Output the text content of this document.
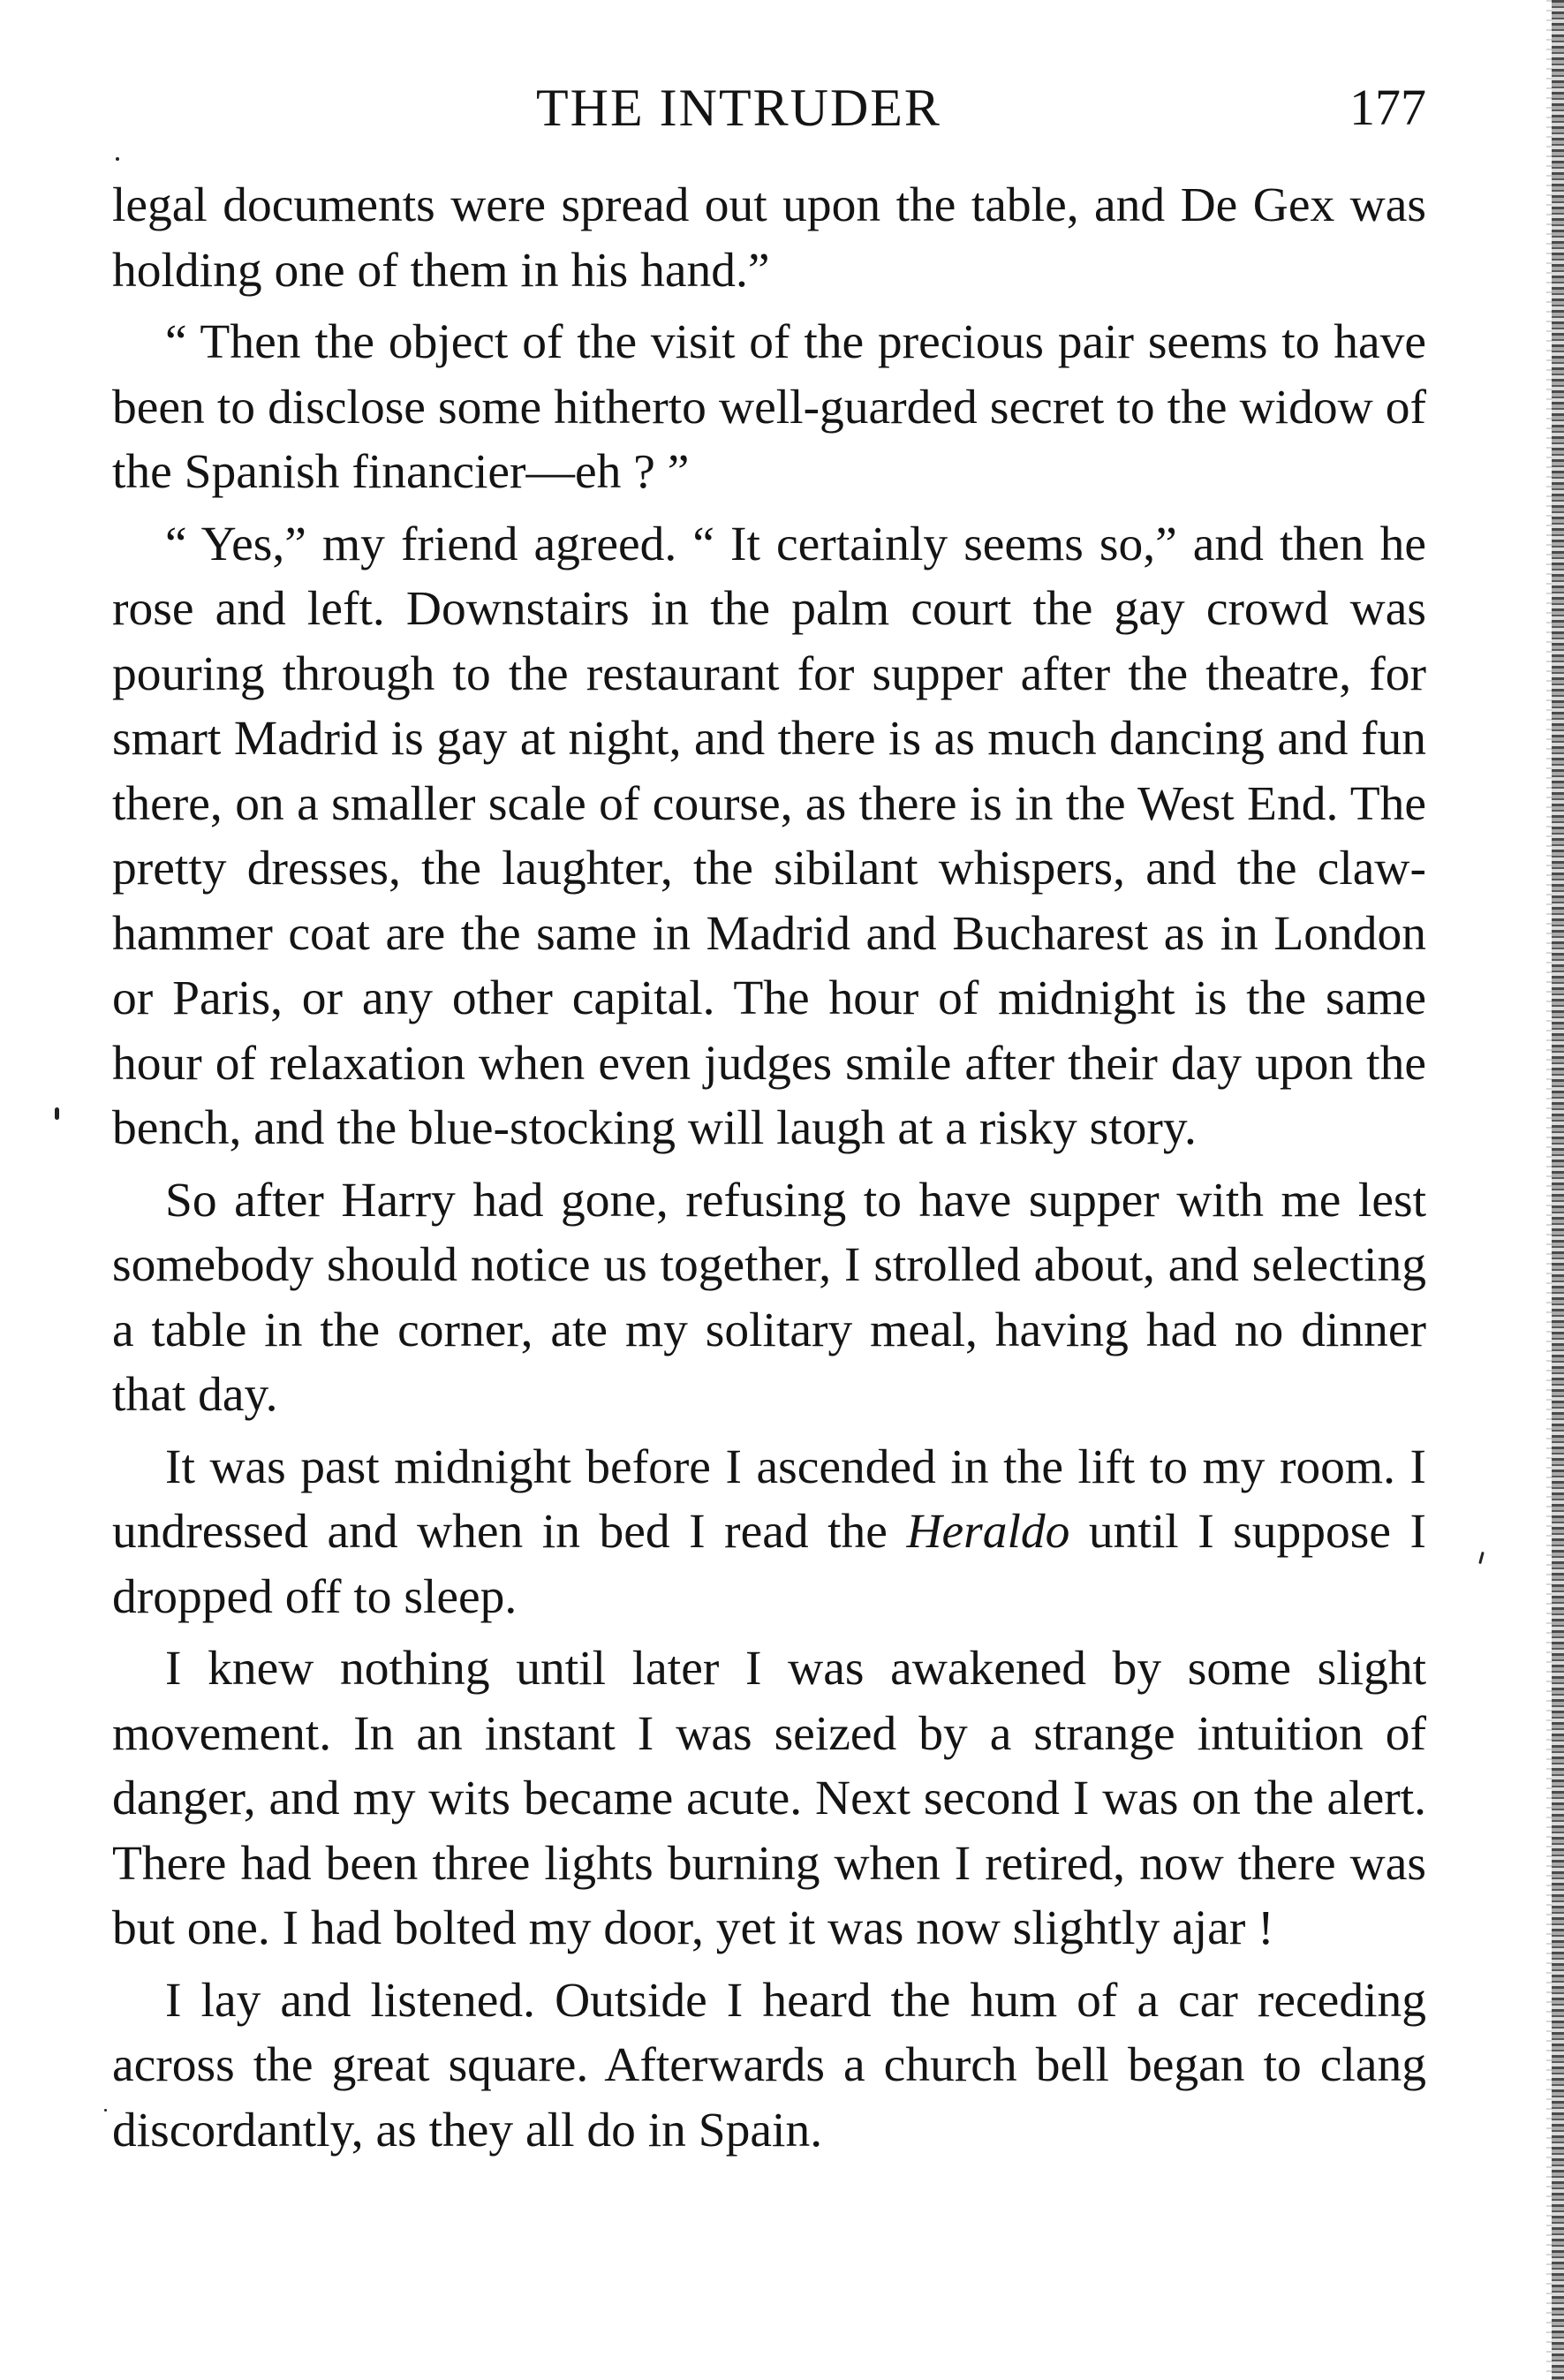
THE INTRUDER	177

legal documents were spread out upon the table, and De Gex was holding one of them in his hand.”

“ Then the object of the visit of the precious pair seems to have been to disclose some hitherto well-guarded secret to the widow of the Spanish financier—eh ? ”

“ Yes,” my friend agreed. “ It certainly seems so,” and then he rose and left. Downstairs in the palm court the gay crowd was pouring through to the restaurant for supper after the theatre, for smart Madrid is gay at night, and there is as much dancing and fun there, on a smaller scale of course, as there is in the West End. The pretty dresses, the laughter, the sibilant whispers, and the claw-hammer coat are the same in Madrid and Bucharest as in London or Paris, or any other capital. The hour of midnight is the same hour of relaxation when even judges smile after their day upon the bench, and the blue-stocking will laugh at a risky story.

So after Harry had gone, refusing to have supper with me lest somebody should notice us together, I strolled about, and selecting a table in the corner, ate my solitary meal, having had no dinner that day.

It was past midnight before I ascended in the lift to my room. I undressed and when in bed I read the Heraldo until I suppose I dropped off to sleep.

I knew nothing until later I was awakened by some slight movement. In an instant I was seized by a strange intuition of danger, and my wits became acute. Next second I was on the alert. There had been three lights burning when I retired, now there was but one. I had bolted my door, yet it was now slightly ajar !

I lay and listened. Outside I heard the hum of a car receding across the great square. Afterwards a church bell began to clang discordantly, as they all do in Spain.
